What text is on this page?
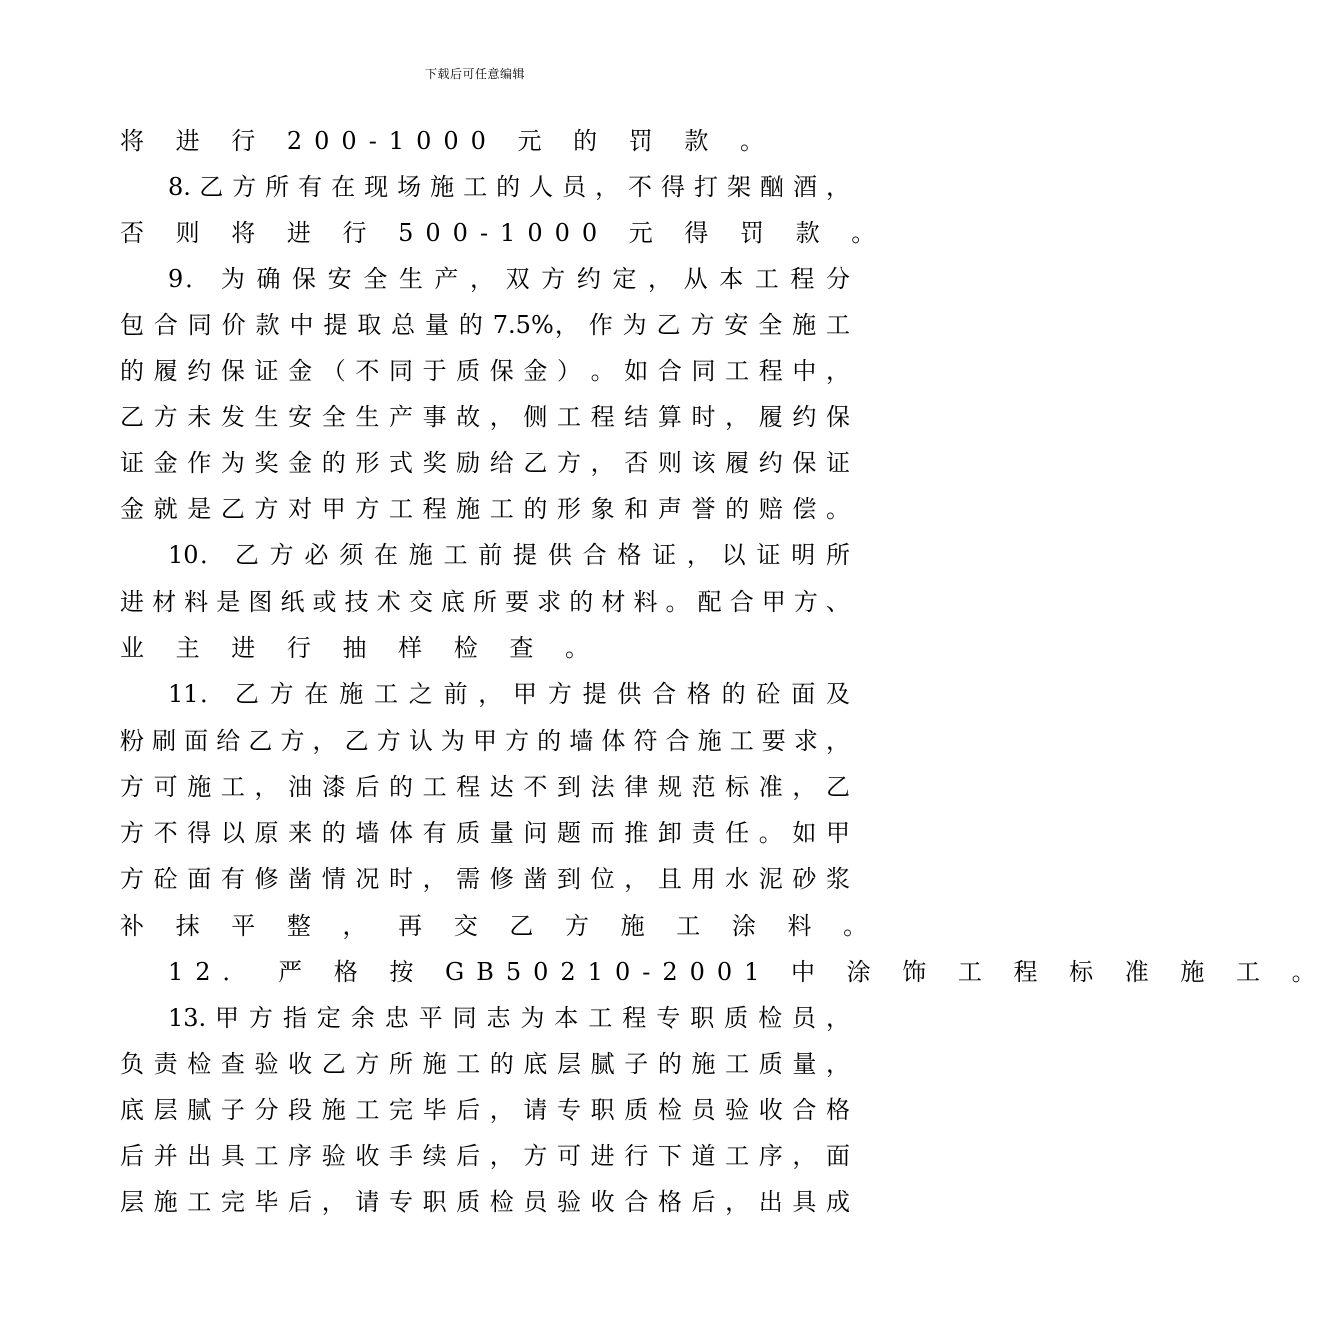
下载后可任意编辑
将 进 行 200-1000 元 的 罚 款 。
8. 乙 方 所 有 在 现 场 施 工 的 人 员 ， 不 得 打 架 酗 酒 ，
否 则 将 进 行 500-1000 元 得 罚 款 。
9． 为 确 保 安 全 生 产 ， 双 方 约 定 ， 从 本 工 程 分
包 合 同 价 款 中 提 取 总 量 的 7.5%， 作 为 乙 方 安 全 施 工
的 履 约 保 证 金 （ 不 同 于 质 保 金 ） 。 如 合 同 工 程 中 ，
乙 方 未 发 生 安 全 生 产 事 故 ， 侧 工 程 结 算 时 ， 履 约 保
证 金 作 为 奖 金 的 形 式 奖 励 给 乙 方 ， 否 则 该 履 约 保 证
金 就 是 乙 方 对 甲 方 工 程 施 工 的 形 象 和 声 誉 的 赔 偿 。
10． 乙 方 必 须 在 施 工 前 提 供 合 格 证 ， 以 证 明 所
进 材 料 是 图 纸 或 技 术 交 底 所 要 求 的 材 料 。 配 合 甲 方 、
业 主 进 行 抽 样 检 查 。
11． 乙 方 在 施 工 之 前 ， 甲 方 提 供 合 格 的 砼 面 及
粉 刷 面 给 乙 方 ， 乙 方 认 为 甲 方 的 墙 体 符 合 施 工 要 求 ，
方 可 施 工 ， 油 漆 后 的 工 程 达 不 到 法 律 规 范 标 准 ， 乙
方 不 得 以 原 来 的 墙 体 有 质 量 问 题 而 推 卸 责 任 。 如 甲
方 砼 面 有 修 凿 情 况 时 ， 需 修 凿 到 位 ， 且 用 水 泥 砂 浆
补 抹 平 整 ， 再 交 乙 方 施 工 涂 料 。
12． 严 格 按 GB50210-2001 中 涂 饰 工 程 标 准 施 工 。
13. 甲 方 指 定 余 忠 平 同 志 为 本 工 程 专 职 质 检 员 ，
负 责 检 查 验 收 乙 方 所 施 工 的 底 层 腻 子 的 施 工 质 量 ，
底 层 腻 子 分 段 施 工 完 毕 后 ， 请 专 职 质 检 员 验 收 合 格
后 并 出 具 工 序 验 收 手 续 后 ， 方 可 进 行 下 道 工 序 ， 面
层 施 工 完 毕 后 ， 请 专 职 质 检 员 验 收 合 格 后 ， 出 具 成
